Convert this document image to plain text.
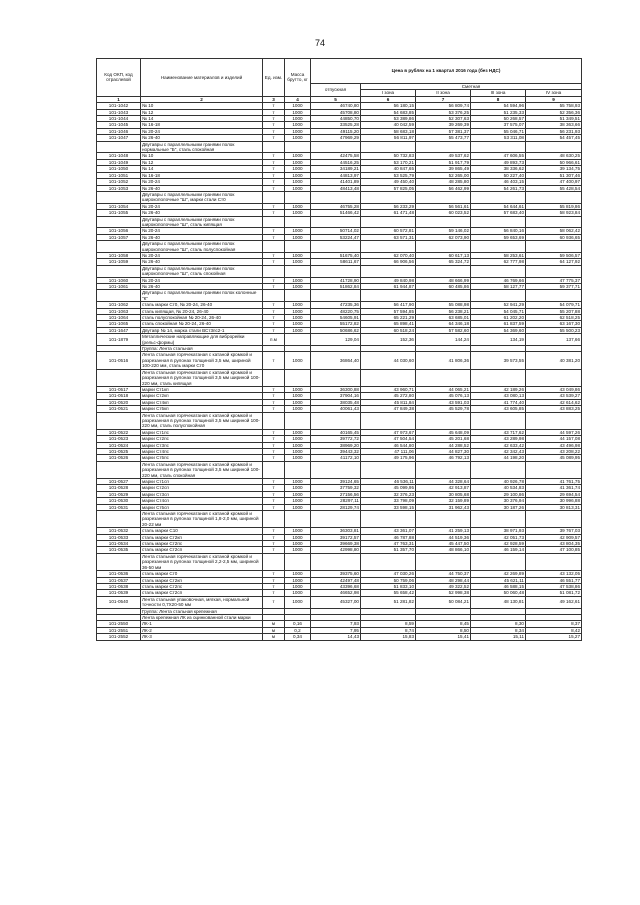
74
Код ОКП, код отраслевой	Наименование материалов и изделий	Ед. изм.	Масса брутто, кг	Цена в рублях на 1 квартал 2016 года (без НДС)				
				отпускная	Сметная			
					I зона	II зона	III зона	IV зона
1	2	3	4	5	6	7	8	9
101-1042	№ 10	т	1000	46740,80	56 180,15	56 809,74	54 594,96	55 758,93
101-1043	№ 12	т	1000	45708,80	54 683,85	53 376,25	51 235,33	52 356,36
101-1044	№ 14	т	1000	44850,70	53 389,86	52 307,63	50 268,57	51 349,51
101-1045	№ 16-18	т	1000	33525,28	40 042,59	39 269,39	37 575,07	38 363,66
101-1046	№ 20-24	т	1000	49115,20	58 683,18	57 381,37	55 046,71	56 231,93
101-1047	№ 26-40	т	1000	47969,29	56 811,97	55 473,77	53 311,08	54 457,45
	Двутавры с параллельными гранями полок нормальные "Б", сталь спокойная							
101-1048	№ 10	т	1000	42475,58	50 732,83	49 537,62	47 606,55	48 630,25
101-1049	№ 12	т	1000	44516,25	53 170,21	51 917,79	49 893,73	50 966,61
101-1050	№ 14	т	1000	34189,21	40 847,65	39 865,49	38 336,62	39 134,75
101-1051	№ 16-18	т	1000	44813,97	53 525,79	52 265,00	50 227,40	51 307,46
101-1052	№ 20-24	т	1000	41401,89	49 450,40	48 285,80	46 403,15	47 400,97
101-1053	№ 26-40	т	1000	48413,48	57 825,05	56 462,99	54 261,73	55 428,54
	Двутавры с параллельными гранями полок широкополочные "Ш", марки стали Ст0							
101-1054	№ 20-24	т	1000	46755,28	56 233,29	56 561,61	54 644,61	55 819,86
101-1055	№ 26-40	т	1000	51466,42	61 471,48	60 023,52	57 683,40	58 923,84
	Двутавры с параллельными гранями полок широкополочные "Ш", сталь кипящая							
101-1056	№ 20-24	т	1000	50714,02	60 572,81	59 146,02	56 840,16	58 062,42
101-1057	№ 26-40	т	1000	53224,47	63 571,31	62 073,90	59 653,69	60 936,65
	Двутавры с параллельными гранями полок широкополочные "Ш", сталь полуспокойная							
101-1058	№ 20-24	т	1000	51675,40	62 070,40	60 617,13	58 253,61	59 506,57
101-1059	№ 26-40	т	1000	58611,67	66 906,56	65 324,72	62 777,98	64 127,92
	Двутавры с параллельными гранями полок широкополочные "Ш", сталь спокойная							
101-1060	№ 20-24	т	1000	41728,90	49 840,98	48 666,99	46 769,66	47 775,37
101-1061	№ 26-40	т	1000	51862,84	61 944,87	60 485,86	58 127,77	59 377,71
	Двутавры с параллельными гранями полок колонные "К"							
101-1062	сталь марки Ст0, № 20-24, 26-40	т	1000	47235,36	56 417,90	55 088,98	52 941,29	54 079,71
101-1063	сталь кипящая, № 20-24, 26-40	т	1000	48220,75	57 594,85	56 238,21	54 045,71	55 207,88
101-1064	сталь полуспокойная № 20-24, 26-40	т	1000	54605,91	65 221,29	63 685,01	61 202,20	62 518,25
101-1065	сталь спокойная № 20-24, 26-40	т	1000	55172,82	65 898,41	64 346,18	61 837,59	63 167,30
101-1647	Двутавр № 14, марка стали ВСт3пс2-1	т	1000	50686,62	60 518,24	57 582,60	54 369,60	55 500,23
101-1879	Металлические направляющие для виброрейки (рельс-формы)	п.м		129,04	152,36	144,24	134,19	137,66
	Группа: Лента стальная							
101-0516	Лента стальная горячекатаная с катаной кромкой и разрезанная в рулонах толщиной 3,5 мм, шириной 100-220 мм, сталь марки Ст0	т	1000	36864,40	44 030,60	41 806,36	39 573,55	40 381,20
	Лента стальная горячекатаная с катаной кромкой и разрезанная в рулонах толщиной 3,5 мм шириной 100-220 мм, сталь кипящая							
101-0517	марки Ст1кп	т	1000	36300,88	43 960,71	44 065,21	42 189,26	43 049,86
101-0518	марки Ст2кп	т	1000	37904,16	45 272,80	45 076,13	43 080,13	43 539,27
101-0520	марки Ст4кп	т	1000	38035,48	45 811,84	43 591,03	41 774,40	42 614,62
101-0521	марки Ст5кп	т	1000	40061,43	47 849,38	45 529,78	43 605,85	43 883,25
	Лента стальная горячекатаная с катаной кромкой и разрезанная в рулонах толщиной 3,5 мм шириной 100-220 мм, сталь полуспокойная							
101-0522	марки Ст1пс	т	1000	40165,45	47 973,67	45 648,09	43 717,62	44 597,26
101-0523	марки Ст2пс	т	1000	39772,72	47 504,54	45 201,68	43 289,98	44 157,08
101-0524	марки Ст3пс	т	1000	38969,20	46 544,80	44 288,52	42 633,42	43 496,98
101-0525	марки Ст4пс	т	1000	39443,32	47 111,06	44 827,30	42 342,43	43 208,22
101-0526	марки Ст5пс	т	1000	41172,10	49 175,96	46 792,13	44 198,20	45 089,95
	Лента стальная горячекатаная с катаной кромкой и разрезанная в рулонах толщиной 3,5 мм шириной 100-220 мм, сталь спокойная							
101-0527	марки Ст1сп	т	1000	39124,65	46 536,11	44 328,64	40 926,78	41 761,75
101-0528	марки Ст2сп	т	1000	37759,32	45 099,95	42 913,87	40 534,83	41 361,74
101-0529	марки Ст3сп	т	1000	27156,56	32 376,23	30 805,68	29 100,86	29 694,54
101-0530	марки Ст4сп	т	1000	28297,11	33 798,09	32 159,89	30 376,94	30 996,88
101-0531	марки Ст5сп	т	1000	28129,74	33 598,15	31 962,43	30 187,26	30 813,31
	Лента стальная горячекатаная с катаной кромкой и разрезанная в рулонах толщиной 1,8-2,0 мм, шириной 20-22 мм							
101-0532	сталь марки С10	т	1000	36303,81	43 361,07	41 259,13	38 971,93	39 767,03
101-0533	сталь марки Ст2кп	т	1000	39172,57	46 787,88	44 519,36	42 051,73	42 909,57
101-0534	сталь марки Ст2пс	т	1000	39669,38	47 763,31	45 447,50	42 928,59	43 804,35
101-0535	сталь марки Ст2сп	т	1000	42998,80	51 357,70	48 866,10	46 159,14	47 100,85
	Лента стальная горячекатаная с катаной кромкой и разрезанная в рулонах толщиной 2,2-2,5 мм, шириной 36-50 мм							
101-0536	сталь марки Ст0	т	1000	39375,60	47 030,26	44 750,37	42 269,89	43 132,05
101-0537	сталь марки Ст2кп	т	1000	42497,48	50 759,06	48 298,44	45 621,11	46 551,77
101-0538	сталь марки Ст2пс	т	1000	43396,68	51 833,10	49 322,52	46 588,15	47 538,86
101-0539	сталь марки Ст2сп	т	1000	46652,98	55 658,42	52 998,38	50 060,48	51 081,72
101-0540	Лента стальная упаковочная, мягкая, нормальной точности 0,7Х20-50 мм	т	1000	45327,00	51 281,82	50 084,21	48 130,81	49 162,61
	Группа: Лента стальная крепежная							
	Лента крепежная ЛК из оцинкованной стали марки							
101-2550	ЛК-1	м	0,16	7,93	8,59	8,45	8,30	8,37
101-2551	ЛК-2	м	0,2	7,95	8,74	8,50	8,34	8,42
101-2552	ЛК-3	м	0,34	14,43	15,83	15,41	15,11	15,27
